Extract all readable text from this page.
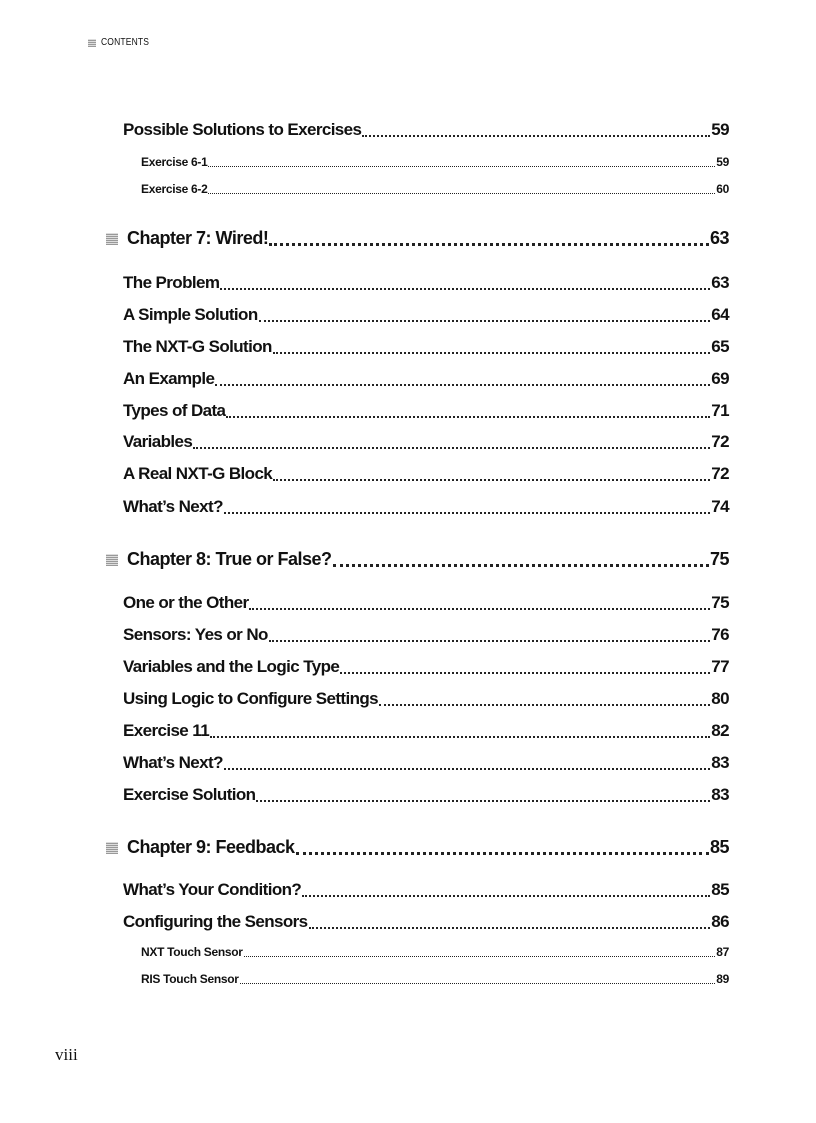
CONTENTS
Possible Solutions to Exercises	59
Exercise 6-1	59
Exercise 6-2	60
Chapter 7: Wired!	63
The Problem	63
A Simple Solution	64
The NXT-G Solution	65
An Example	69
Types of Data	71
Variables	72
A Real NXT-G Block	72
What’s Next?	74
Chapter 8: True or False?	75
One or the Other	75
Sensors: Yes or No	76
Variables and the Logic Type	77
Using Logic to Configure Settings	80
Exercise 11	82
What’s Next?	83
Exercise Solution	83
Chapter 9: Feedback	85
What’s Your Condition?	85
Configuring the Sensors	86
NXT Touch Sensor	87
RIS Touch Sensor	89
viii
